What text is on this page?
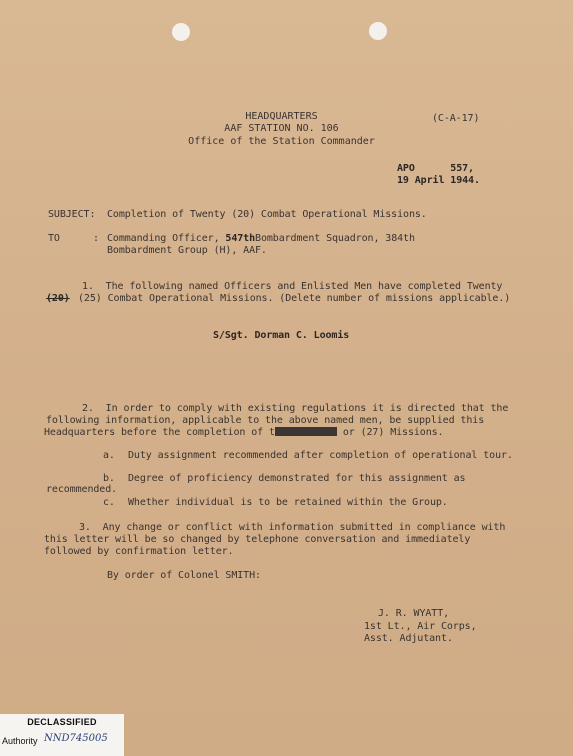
HEADQUARTERS
AAF STATION NO. 106
Office of the Station Commander
(C-A-17)
APO      557,
19 April 1944.
SUBJECT: Completion of Twenty (20) Combat Operational Missions.
TO	: Commanding Officer, 547thBombardment Squadron, 384th
Bombardment Group (H), AAF.
1.  The following named Officers and Enlisted Men have completed Twenty
(20) (25) Combat Operational Missions. (Delete number of missions applicable.)
S/Sgt. Dorman C. Loomis
2.  In order to comply with existing regulations it is directed that the
following information, applicable to the above named men, be supplied this
Headquarters before the completion of t	or (27) Missions.
a. Duty assignment recommended after completion of operational tour.
b. Degree of proficiency demonstrated for this assignment as
recommended.
c. Whether individual is to be retained within the Group.
3.  Any change or conflict with information submitted in compliance with
this letter will be so changed by telephone conversation and immediately
followed by confirmation letter.
By order of Colonel SMITH:
J. R. WYATT,
1st Lt., Air Corps,
Asst. Adjutant.
DECLASSIFIED
Authority NND745005
